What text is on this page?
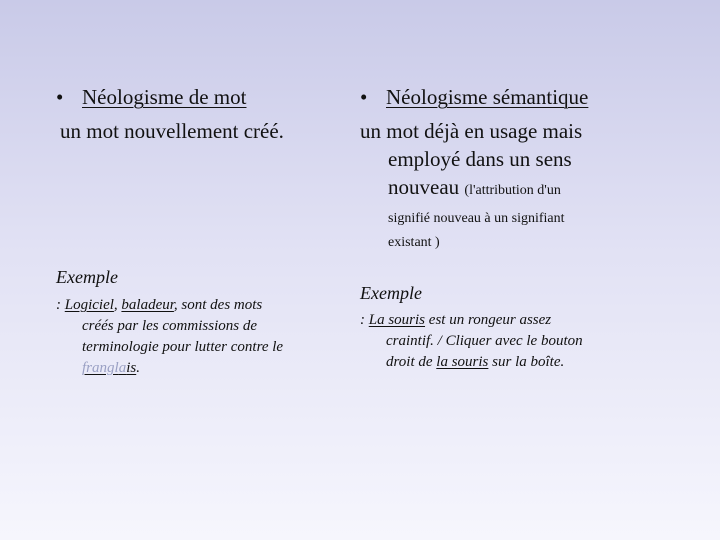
• Néologisme de mot
un mot nouvellement créé.
Exemple
: Logiciel, baladeur, sont des mots
créés par les commissions de
terminologie pour lutter contre le
franglais.
• Néologisme sémantique
un mot déjà en usage mais
employé dans un sens
nouveau (l'attribution d'un
signifié nouveau à un signifiant
existant )
Exemple
: La souris est un rongeur assez
craintif. / Cliquer avec le bouton
droit de la souris sur la boîte.
